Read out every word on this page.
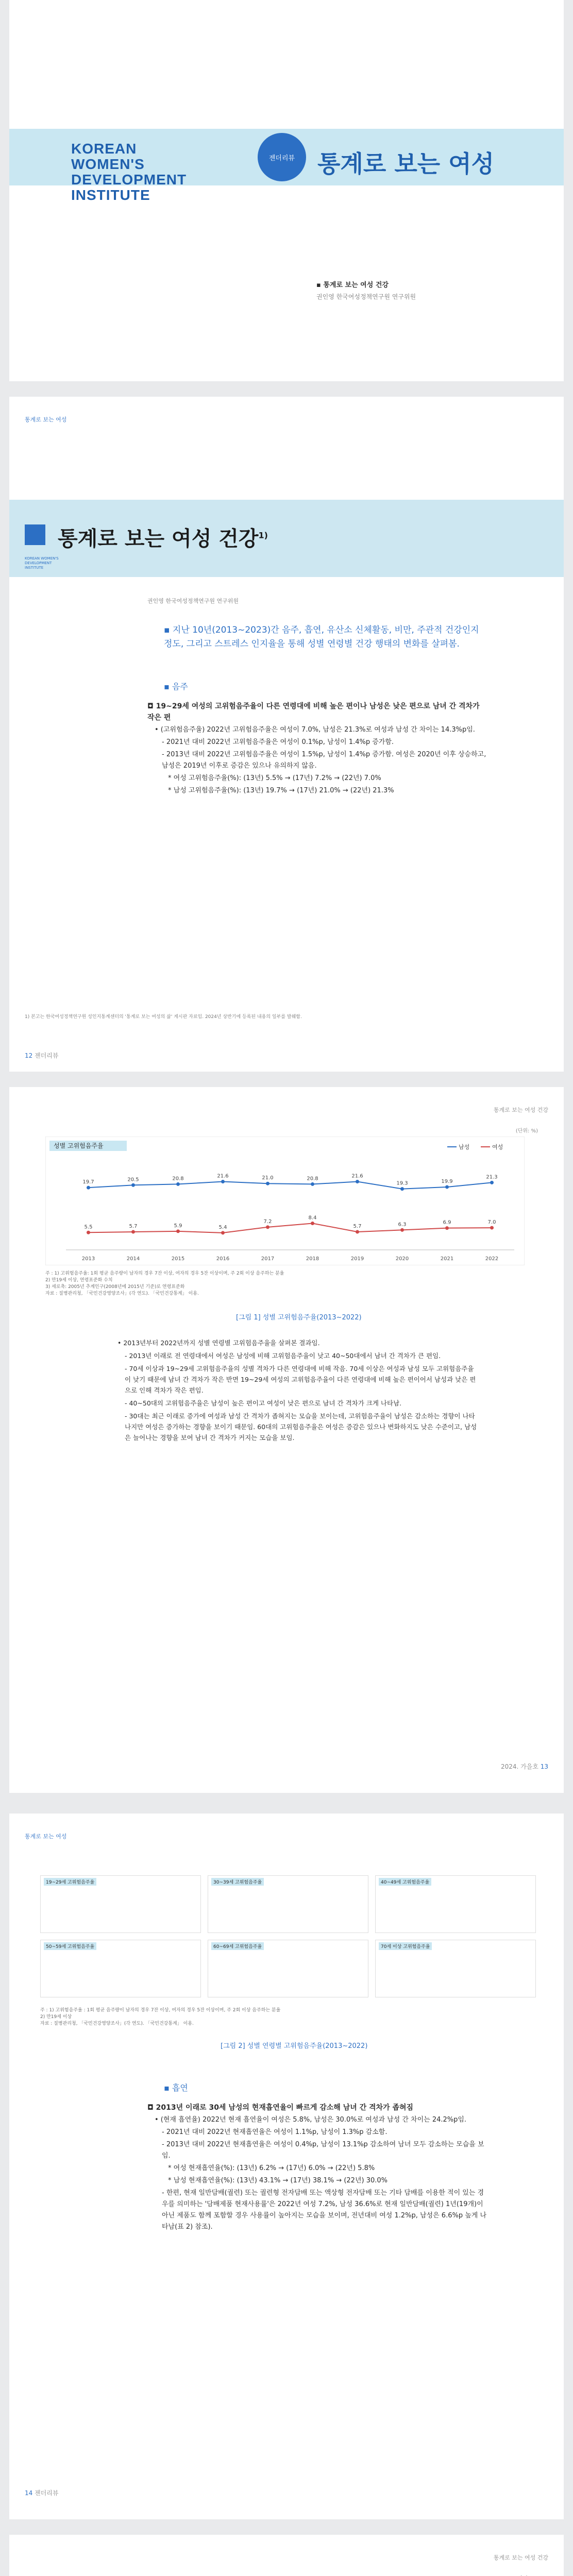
KOREAN
WOMEN'S
DEVELOPMENT
INSTITUTE
젠더리뷰 통계로 보는 여성
▪ 통계로 보는 여성 건강
권인영 한국여성정책연구원 연구위원
통계로 보는 여성
통계로 보는 여성 건강$^{1)}$
KOREAN WOMEN'S
DEVELOPMENT
INSTITUTE
권인영 한국여성정책연구원 연구위원
▪ 지난 10년(2013~2023)간 음주, 흡연, 유산소 신체활동, 비만, 주관적 건강인지 정도, 그리고 스트레스 인지율을 통해 성별 연령별 건강 행태의 변화를 살펴봄.
▪ 음주
◘ 19~29세 여성의 고위험음주율이 다른 연령대에 비해 높은 편이나 남성은 낮은 편으로 남녀 간 격차가 작은 편

• (고위험음주율) 2022년 고위험음주율은 여성이 7.0%, 남성은 21.3%로 여성과 남성 간 차이는 14.3%p임.

- 2021년 대비 2022년 고위험음주율은 여성이 0.1%p, 남성이 1.4%p 증가함.

- 2013년 대비 2022년 고위험음주율은 여성이 1.5%p, 남성이 1.4%p 증가함. 여성은 2020년 이후 상승하고, 남성은 2019년 이후로 증감은 있으나 유의하지 않음.

* 여성 고위험음주율(%): (13년) 5.5% → (17년) 7.2% → (22년) 7.0%

* 남성 고위험음주율(%): (13년) 19.7% → (17년) 21.0% → (22년) 21.3%

1) 본고는 한국여성정책연구원 성인지통계센터의 '통계로 보는 여성의 삶' 게시판 자료임. 2024년 상반기에 등록된 내용의 일부를 발췌함.
12 젠더리뷰
통계로 보는 여성 건강
(단위: %)
성별 고위험음주율
2013	2014	2015	2016	2017	2018	2019	2020	2021	2022
19.7	20.5	20.8	21.6	21.0	20.8	21.6
19.3	19.9
21.3
5.5	5.7	5.9	5.4
7.2
8.4
5.7	6.3	6.9	7.0
남성	여성
주 : 1) 고위험음주율: 1회 평균 음주량이 남자의 경우 7잔 이상, 여자의 경우 5잔 이상이며, 주 2회 이상 음주하는 분율
2) 만19세 이상, 연령표준화 수치
3) 세로축: 2005년 추계인구(2008년에 2015년 기준)로 연령표준화
자료 : 질병관리청, 「국민건강영양조사」(각 연도). 「국민건강통계」 이용.
[그림 1] 성별 고위험음주율(2013~2022)

• 2013년부터 2022년까지 성별 연령별 고위험음주율을 살펴본 결과임.

- 2013년 이래로 전 연령대에서 여성은 남성에 비해 고위험음주율이 낮고 40~50대에서 남녀 간 격차가 큰 편임.

- 70세 이상과 19~29세 고위험음주율의 성별 격차가 다른 연령대에 비해 작음. 70세 이상은 여성과 남성 모두 고위험음주율이 낮기 때문에 남녀 간 격차가 작은 반면 19~29세 여성의 고위험음주율이 다른 연령대에 비해 높은 편이어서 남성과 낮은 편으로 인해 격차가 작은 편임.

- 40~50대의 고위험음주율은 남성이 높은 편이고 여성이 낮은 편으로 남녀 간 격차가 크게 나타남.

- 30대는 최근 이래로 증가에 여성과 남성 간 격차가 좁혀지는 모습을 보이는데, 고위험음주율이 남성은 감소하는 경향이 나타나지만 여성은 증가하는 경향을 보이기 때문임. 60대의 고위험음주율은 여성은 증감은 있으나 변화하지도 낮은 수준이고, 남성은 늘어나는 경향을 보여 남녀 간 격차가 커지는 모습을 보임.

2024. 가을호 13
통계로 보는 여성
19~29세 고위험음주율	30~39세 고위험음주율	40~49세 고위험음주율
50~59세 고위험음주율	60~69세 고위험음주율	70세 이상 고위험음주율
주 : 1) 고위험음주율 : 1회 평균 음주량이 남자의 경우 7잔 이상, 여자의 경우 5잔 이상이며, 주 2회 이상 음주하는 분율
2) 만19세 이상
자료 : 질병관리청, 「국민건강영양조사」(각 연도). 「국민건강통계」 이용.
[그림 2] 성별 연령별 고위험음주율(2013~2022)
▪ 흡연
◘ 2013년 이래로 30세 남성의 현재흡연율이 빠르게 감소해 남녀 간 격차가 좁혀짐

• (현재 흡연율) 2022년 현재 흡연율이 여성은 5.8%, 남성은 30.0%로 여성과 남성 간 차이는 24.2%p임.

- 2021년 대비 2022년 현재흡연율은 여성이 1.1%p, 남성이 1.3%p 감소함.

- 2013년 대비 2022년 현재흡연율은 여성이 0.4%p, 남성이 13.1%p 감소하여 남녀 모두 감소하는 모습을 보임.

* 여성 현재흡연율(%): (13년) 6.2% → (17년) 6.0% → (22년) 5.8%

* 남성 현재흡연율(%): (13년) 43.1% → (17년) 38.1% → (22년) 30.0%

- 한편, 현재 일반담배(궐련) 또는 궐련형 전자담배 또는 액상형 전자담배 또는 기타 담배를 이용한 적이 있는 경우를 의미하는 '담배제품 현재사용률'은 2022년 여성 7.2%, 남성 36.6%로 현재 일반담배(궐련) 1년(19개)이 아닌 제품도 함께 포함할 경우 사용률이 높아지는 모습을 보이며, 전년대비 여성 1.2%p, 남성은 6.6%p 높게 나타남(표 2) 참조).

14 젠더리뷰
통계로 보는 여성 건강
